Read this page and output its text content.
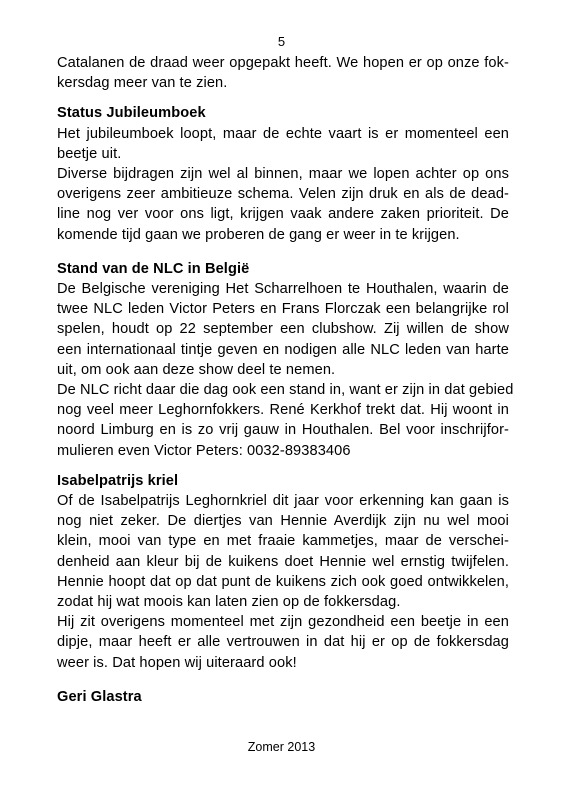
5
Catalanen de draad weer opgepakt heeft. We hopen er op onze fok-
kersdag meer van te zien.
Status Jubileumboek
Het jubileumboek loopt, maar de echte vaart is er momenteel een
beetje uit.
Diverse bijdragen zijn wel al binnen, maar we lopen achter op ons
overigens zeer ambitieuze schema. Velen zijn druk en als de dead-
line nog ver voor ons ligt, krijgen vaak andere zaken prioriteit. De
komende tijd gaan we proberen de gang er weer in te krijgen.
Stand van de NLC in België
De Belgische vereniging Het Scharrelhoen te Houthalen, waarin de
twee NLC leden Victor Peters en Frans Florczak een belangrijke rol
spelen, houdt op 22 september een clubshow. Zij willen de show
een internationaal tintje geven en nodigen alle NLC leden van harte
uit, om ook aan deze show deel te nemen.
De NLC richt daar die dag ook een stand in, want er zijn in dat gebied
nog veel meer Leghornfokkers. René Kerkhof trekt dat. Hij woont in
noord Limburg en is zo vrij gauw in Houthalen. Bel voor inschrijfor-
mulieren even Victor Peters: 0032-89383406
Isabelpatrijs kriel
Of de Isabelpatrijs Leghornkriel dit jaar voor erkenning kan gaan is
nog niet zeker. De diertjes van Hennie Averdijk zijn nu wel mooi
klein, mooi van type en met fraaie kammetjes, maar de verschei-
denheid aan kleur bij de kuikens doet Hennie wel ernstig twijfelen.
Hennie hoopt dat op dat punt de kuikens zich ook goed ontwikkelen,
zodat hij wat moois kan laten zien op de fokkersdag.
Hij zit overigens momenteel met zijn gezondheid een beetje in een
dipje, maar heeft er alle vertrouwen in dat hij er op de fokkersdag
weer is. Dat hopen wij uiteraard ook!
Geri Glastra
Zomer 2013
